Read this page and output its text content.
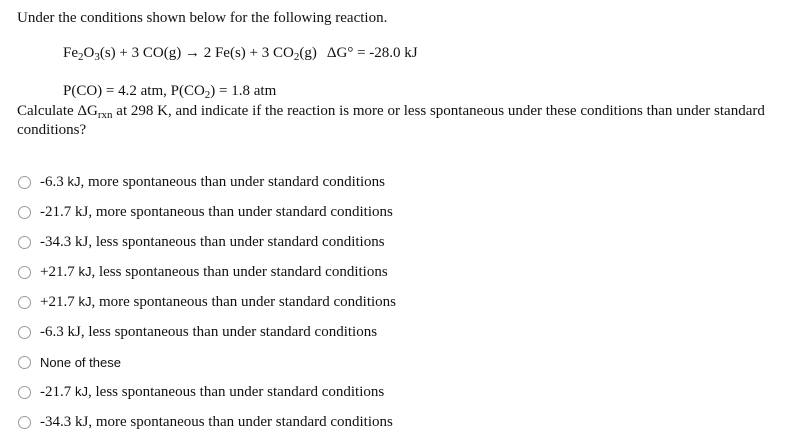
Under the conditions shown below for the following reaction.
$Fe_2O_3(s) + 3$ CO(g) → 2 Fe(s) + 3 $CO_2(g) \Delta G^\circ = -28.0$ kJ
P(CO) = 4.2 atm, $P(CO_2) = 1.8$ atm
Calculate $\Delta G_{rxn}$ at 298 K, and indicate if the reaction is more or less spontaneous under these conditions than under standard conditions?
-6.3 kJ, more spontaneous than under standard conditions
-21.7 kJ, more spontaneous than under standard conditions
-34.3 kJ, less spontaneous than under standard conditions
+21.7 kJ, less spontaneous than under standard conditions
+21.7 kJ, more spontaneous than under standard conditions
-6.3 kJ, less spontaneous than under standard conditions
None of these
-21.7 kJ, less spontaneous than under standard conditions
-34.3 kJ, more spontaneous than under standard conditions
